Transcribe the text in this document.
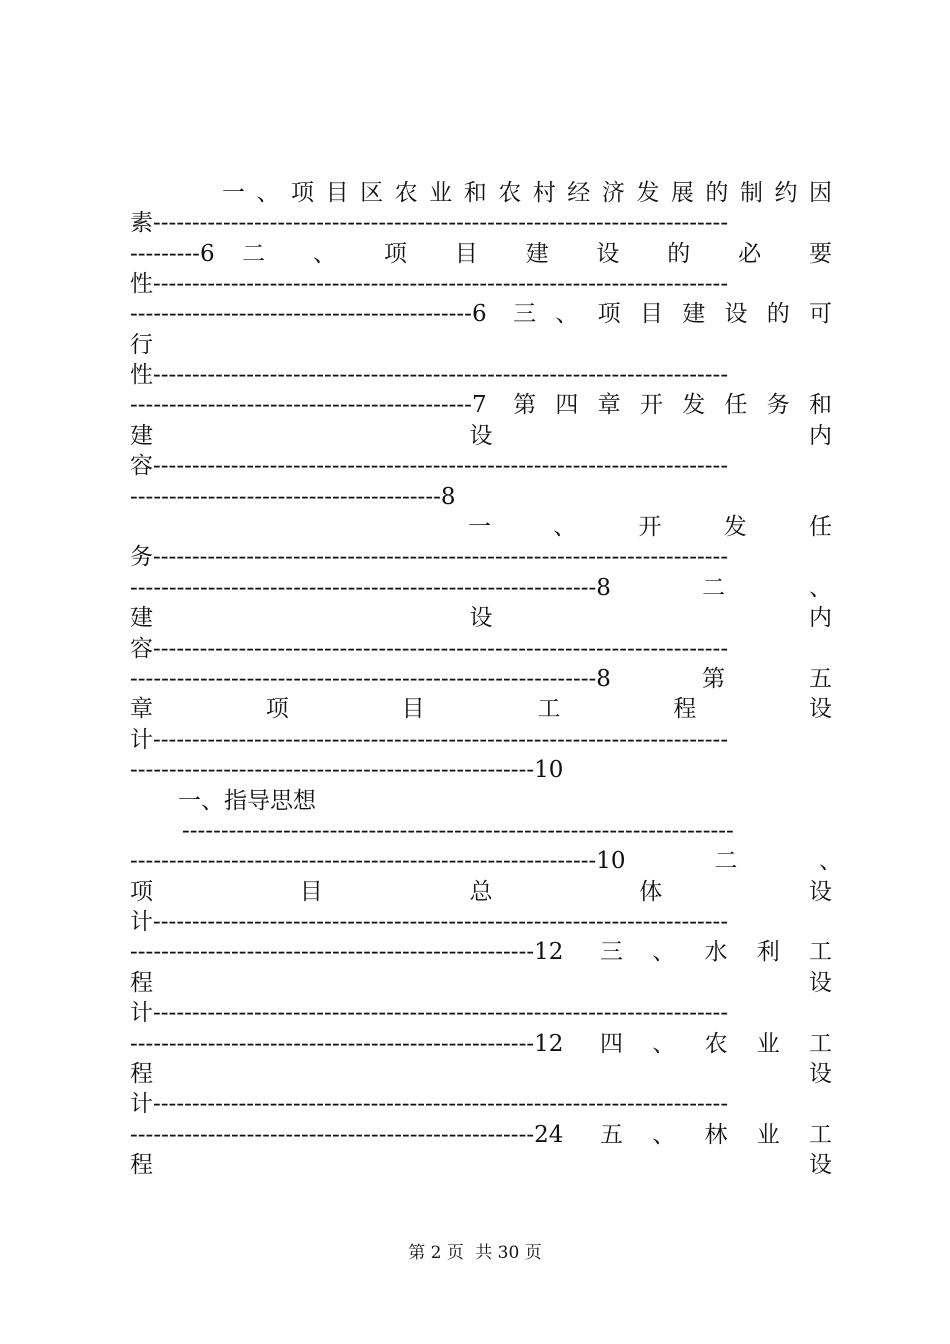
一、项目区农业和农村经济发展的制约因
素--------------------------------------------------------------------------
---------6 二 、 项 目 建 设 的 必 要
性--------------------------------------------------------------------------
--------------------------------------------6 三、项目建设的可
行
性--------------------------------------------------------------------------
--------------------------------------------7 第四章开发任务和
建 设 内
容--------------------------------------------------------------------------
----------------------------------------8
一 、 开 发 任
务--------------------------------------------------------------------------
------------------------------------------------------------8 二、
建 设 内
容--------------------------------------------------------------------------
------------------------------------------------------------8 第五
章 项 目 工 程 设
计--------------------------------------------------------------------------
----------------------------------------------------10
一、指导思想
-----------------------------------------------------------------------
------------------------------------------------------------10 二、
项 目 总 体 设
计--------------------------------------------------------------------------
----------------------------------------------------12 三、水利工
程 设
计--------------------------------------------------------------------------
----------------------------------------------------12 四、农业工
程 设
计--------------------------------------------------------------------------
----------------------------------------------------24 五、林业工
程 设
第 2 页 共 30 页
